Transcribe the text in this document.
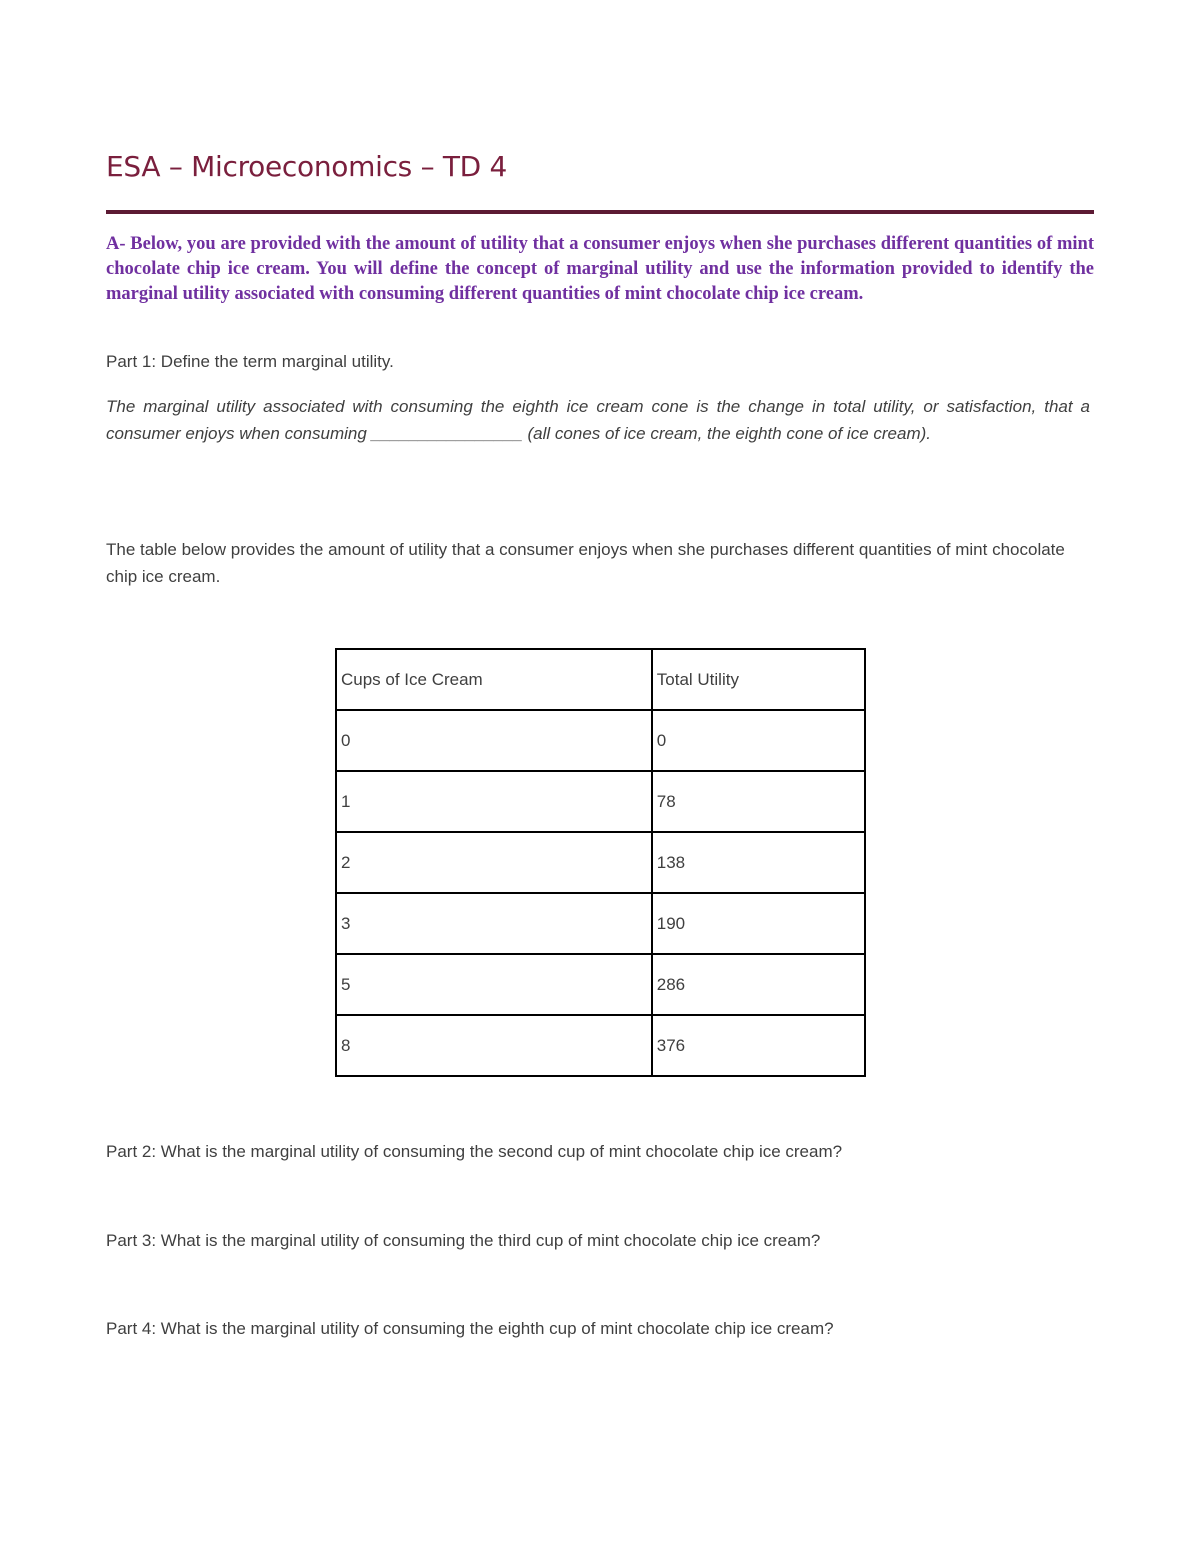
ESA – Microeconomics – TD 4
A- Below, you are provided with the amount of utility that a consumer enjoys when she purchases different quantities of mint chocolate chip ice cream. You will define the concept of marginal utility and use the information provided to identify the marginal utility associated with consuming different quantities of mint chocolate chip ice cream.
Part 1: Define the term marginal utility.
The marginal utility associated with consuming the eighth ice cream cone is the change in total utility, or satisfaction, that a consumer enjoys when consuming ________________ (all cones of ice cream, the eighth cone of ice cream).
The table below provides the amount of utility that a consumer enjoys when she purchases different quantities of mint chocolate chip ice cream.
Cups of Ice Cream	Total Utility
0	0
1	78
2	138
3	190
5	286
8	376
Part 2: What is the marginal utility of consuming the second cup of mint chocolate chip ice cream?
Part 3: What is the marginal utility of consuming the third cup of mint chocolate chip ice cream?
Part 4: What is the marginal utility of consuming the eighth cup of mint chocolate chip ice cream?
